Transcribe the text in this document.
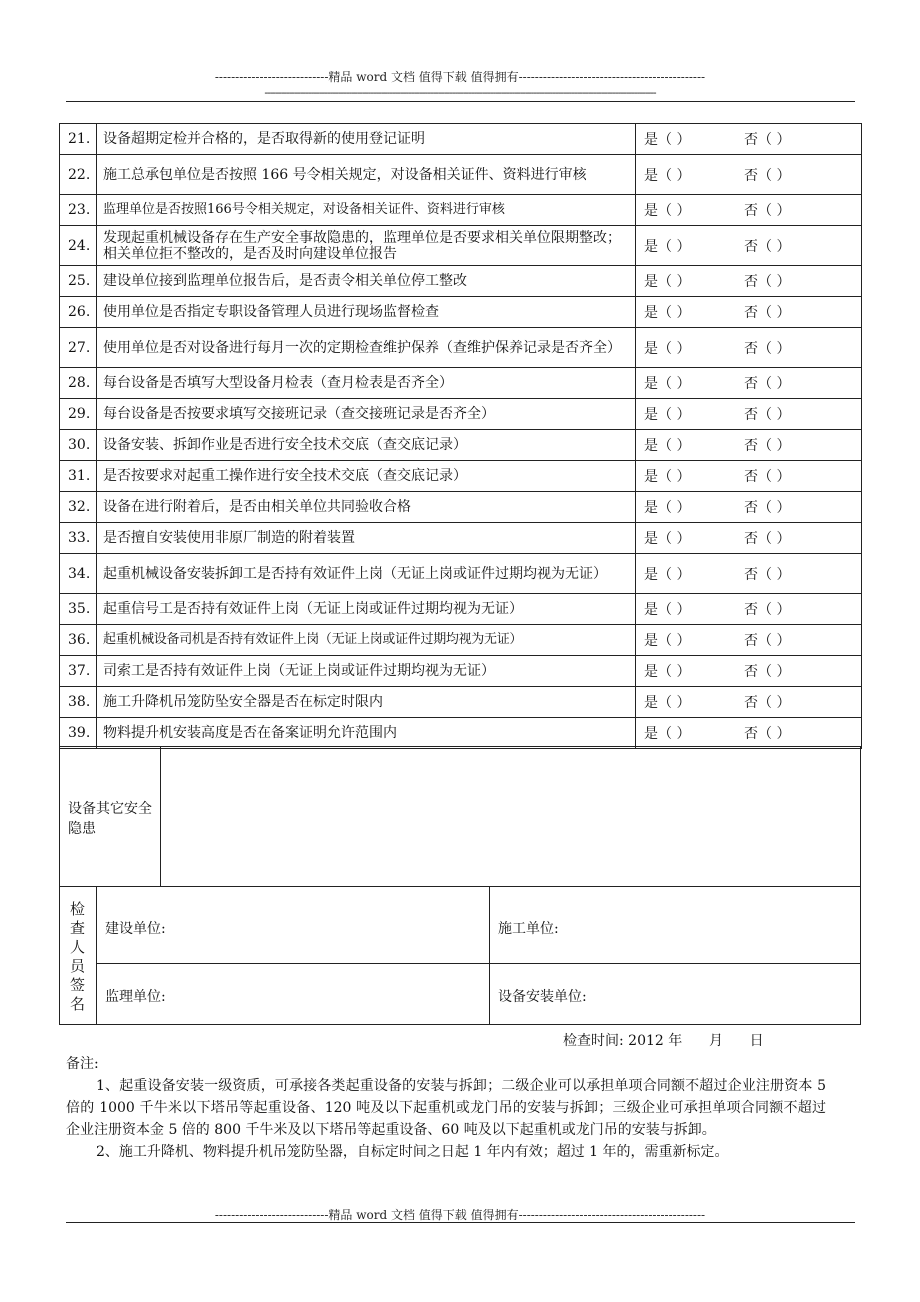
----------------------------精品 word 文档 值得下载 值得拥有----------------------------------------------
------------------------------------------------------------------------------------------------------------------------------------------------
21.	设备超期定检并合格的，是否取得新的使用登记证明	是（ ） 否（ ）
22.	施工总承包单位是否按照 166 号令相关规定，对设备相关证件、资料进行审核	是（ ） 否（ ）
23.	监理单位是否按照166号令相关规定，对设备相关证件、资料进行审核	是（ ） 否（ ）
24.	发现起重机械设备存在生产安全事故隐患的，监理单位是否要求相关单位限期整改；相关单位拒不整改的，是否及时向建设单位报告	是（ ） 否（ ）
25.	建设单位接到监理单位报告后，是否责令相关单位停工整改	是（ ） 否（ ）
26.	使用单位是否指定专职设备管理人员进行现场监督检查	是（ ） 否（ ）
27.	使用单位是否对设备进行每月一次的定期检查维护保养（查维护保养记录是否齐全）	是（ ） 否（ ）
28.	每台设备是否填写大型设备月检表（查月检表是否齐全）	是（ ） 否（ ）
29.	每台设备是否按要求填写交接班记录（查交接班记录是否齐全）	是（ ） 否（ ）
30.	设备安装、拆卸作业是否进行安全技术交底（查交底记录）	是（ ） 否（ ）
31.	是否按要求对起重工操作进行安全技术交底（查交底记录）	是（ ） 否（ ）
32.	设备在进行附着后，是否由相关单位共同验收合格	是（ ） 否（ ）
33.	是否擅自安装使用非原厂制造的附着装置	是（ ） 否（ ）
34.	起重机械设备安装拆卸工是否持有效证件上岗（无证上岗或证件过期均视为无证）	是（ ） 否（ ）
35.	起重信号工是否持有效证件上岗（无证上岗或证件过期均视为无证）	是（ ） 否（ ）
36.	起重机械设备司机是否持有效证件上岗（无证上岗或证件过期均视为无证）	是（ ） 否（ ）
37.	司索工是否持有效证件上岗（无证上岗或证件过期均视为无证）	是（ ） 否（ ）
38.	施工升降机吊笼防坠安全器是否在标定时限内	是（ ） 否（ ）
39.	物料提升机安装高度是否在备案证明允许范围内	是（ ） 否（ ）
设备其它安全隐患
检查人员签名
建设单位:	施工单位:
监理单位:	设备安装单位:
检查时间: 2012 年      月      日

备注:

1、起重设备安装一级资质，可承接各类起重设备的安装与拆卸；二级企业可以承担单项合同额不超过企业注册资本 5 倍的 1000 千牛米以下塔吊等起重设备、120 吨及以下起重机或龙门吊的安装与拆卸；三级企业可承担单项合同额不超过企业注册资本金 5 倍的 800 千牛米及以下塔吊等起重设备、60 吨及以下起重机或龙门吊的安装与拆卸。

2、施工升降机、物料提升机吊笼防坠器，自标定时间之日起 1 年内有效；超过 1 年的，需重新标定。

----------------------------精品 word 文档 值得下载 值得拥有----------------------------------------------
